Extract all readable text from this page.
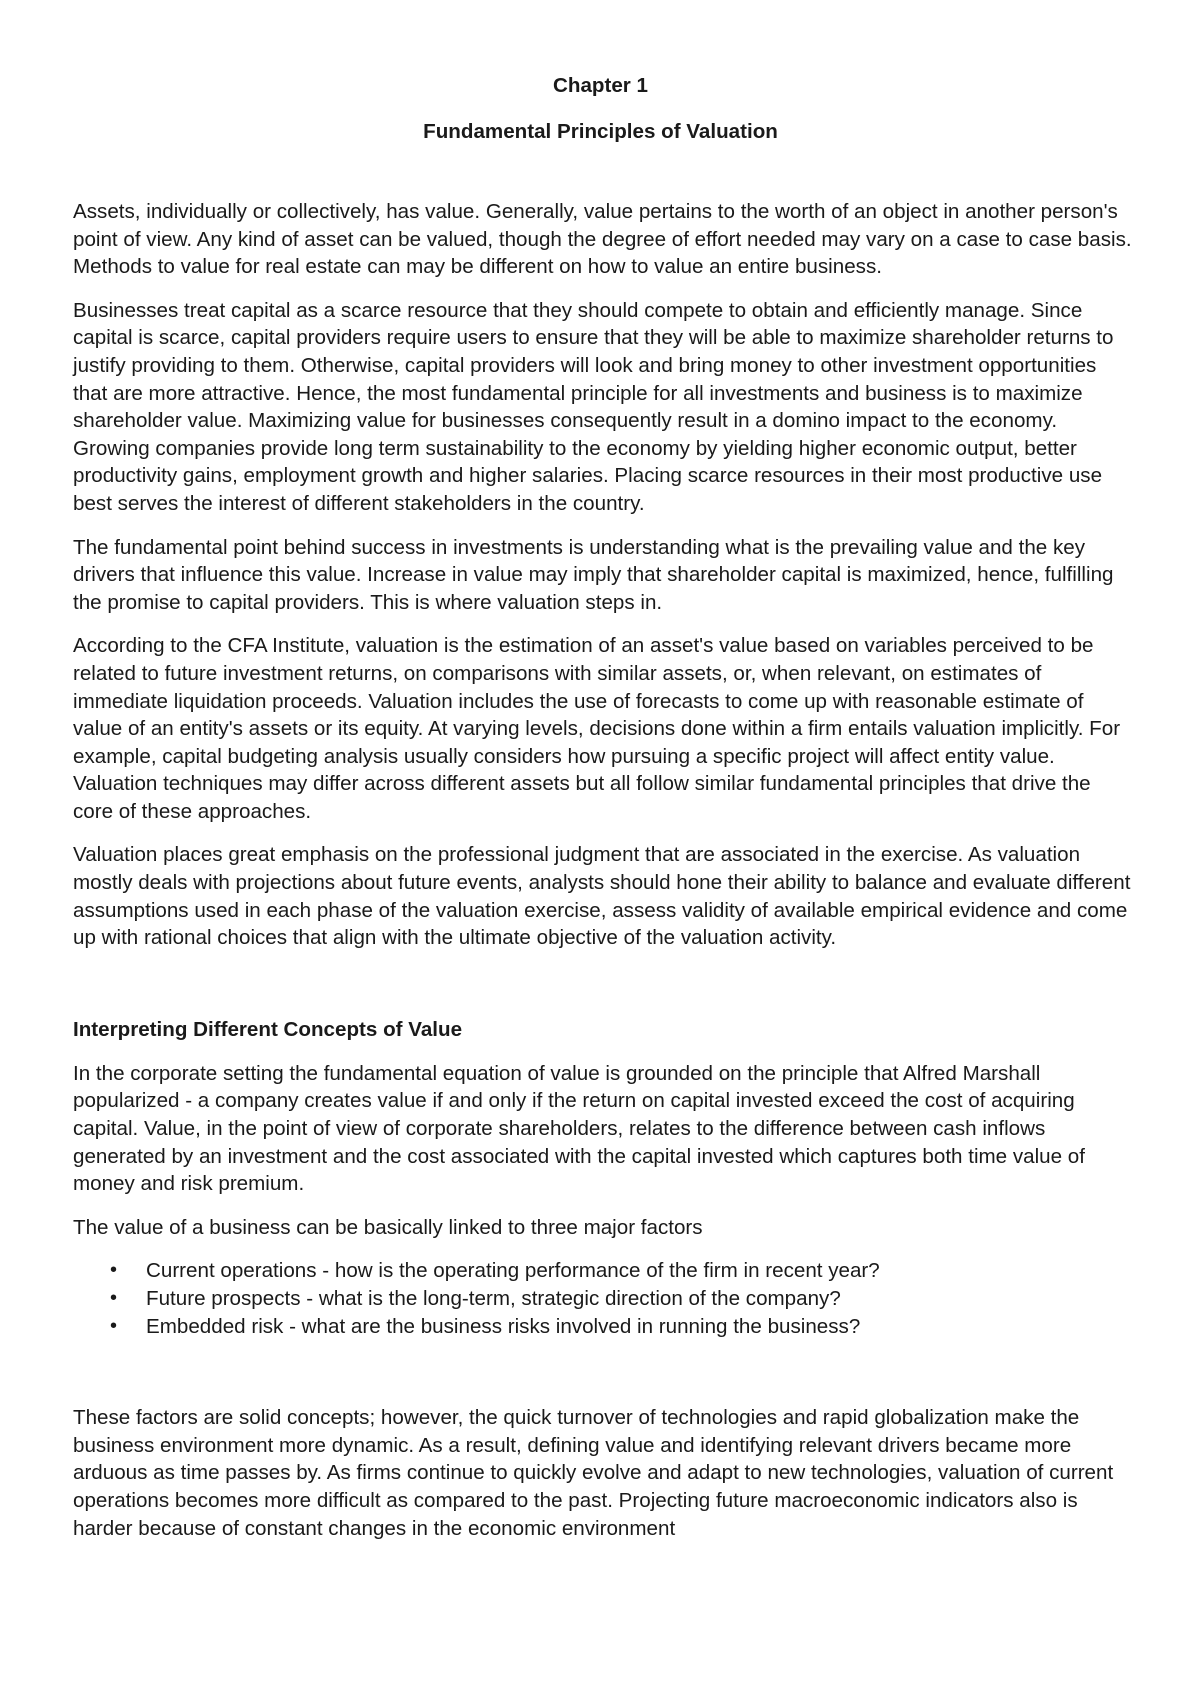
Chapter 1
Fundamental Principles of Valuation

Assets, individually or collectively, has value. Generally, value pertains to the worth of an object in another person's point of view. Any kind of asset can be valued, though the degree of effort needed may vary on a case to case basis. Methods to value for real estate can may be different on how to value an entire business.

Businesses treat capital as a scarce resource that they should compete to obtain and efficiently manage. Since capital is scarce, capital providers require users to ensure that they will be able to maximize shareholder returns to justify providing to them. Otherwise, capital providers will look and bring money to other investment opportunities that are more attractive. Hence, the most fundamental principle for all investments and business is to maximize shareholder value. Maximizing value for businesses consequently result in a domino impact to the economy. Growing companies provide long term sustainability to the economy by yielding higher economic output, better productivity gains, employment growth and higher salaries. Placing scarce resources in their most productive use best serves the interest of different stakeholders in the country.

The fundamental point behind success in investments is understanding what is the prevailing value and the key drivers that influence this value. Increase in value may imply that shareholder capital is maximized, hence, fulfilling the promise to capital providers. This is where valuation steps in.

According to the CFA Institute, valuation is the estimation of an asset's value based on variables perceived to be related to future investment returns, on comparisons with similar assets, or, when relevant, on estimates of immediate liquidation proceeds. Valuation includes the use of forecasts to come up with reasonable estimate of value of an entity's assets or its equity. At varying levels, decisions done within a firm entails valuation implicitly. For example, capital budgeting analysis usually considers how pursuing a specific project will affect entity value. Valuation techniques may differ across different assets but all follow similar fundamental principles that drive the core of these approaches.

Valuation places great emphasis on the professional judgment that are associated in the exercise. As valuation mostly deals with projections about future events, analysts should hone their ability to balance and evaluate different assumptions used in each phase of the valuation exercise, assess validity of available empirical evidence and come up with rational choices that align with the ultimate objective of the valuation activity.

Interpreting Different Concepts of Value

In the corporate setting the fundamental equation of value is grounded on the principle that Alfred Marshall popularized - a company creates value if and only if the return on capital invested exceed the cost of acquiring capital. Value, in the point of view of corporate shareholders, relates to the difference between cash inflows generated by an investment and the cost associated with the capital invested which captures both time value of money and risk premium.

The value of a business can be basically linked to three major factors

• Current operations - how is the operating performance of the firm in recent year?
• Future prospects - what is the long-term, strategic direction of the company?
• Embedded risk - what are the business risks involved in running the business?

These factors are solid concepts; however, the quick turnover of technologies and rapid globalization make the business environment more dynamic. As a result, defining value and identifying relevant drivers became more arduous as time passes by. As firms continue to quickly evolve and adapt to new technologies, valuation of current operations becomes more difficult as compared to the past. Projecting future macroeconomic indicators also is harder because of constant changes in the economic environment
